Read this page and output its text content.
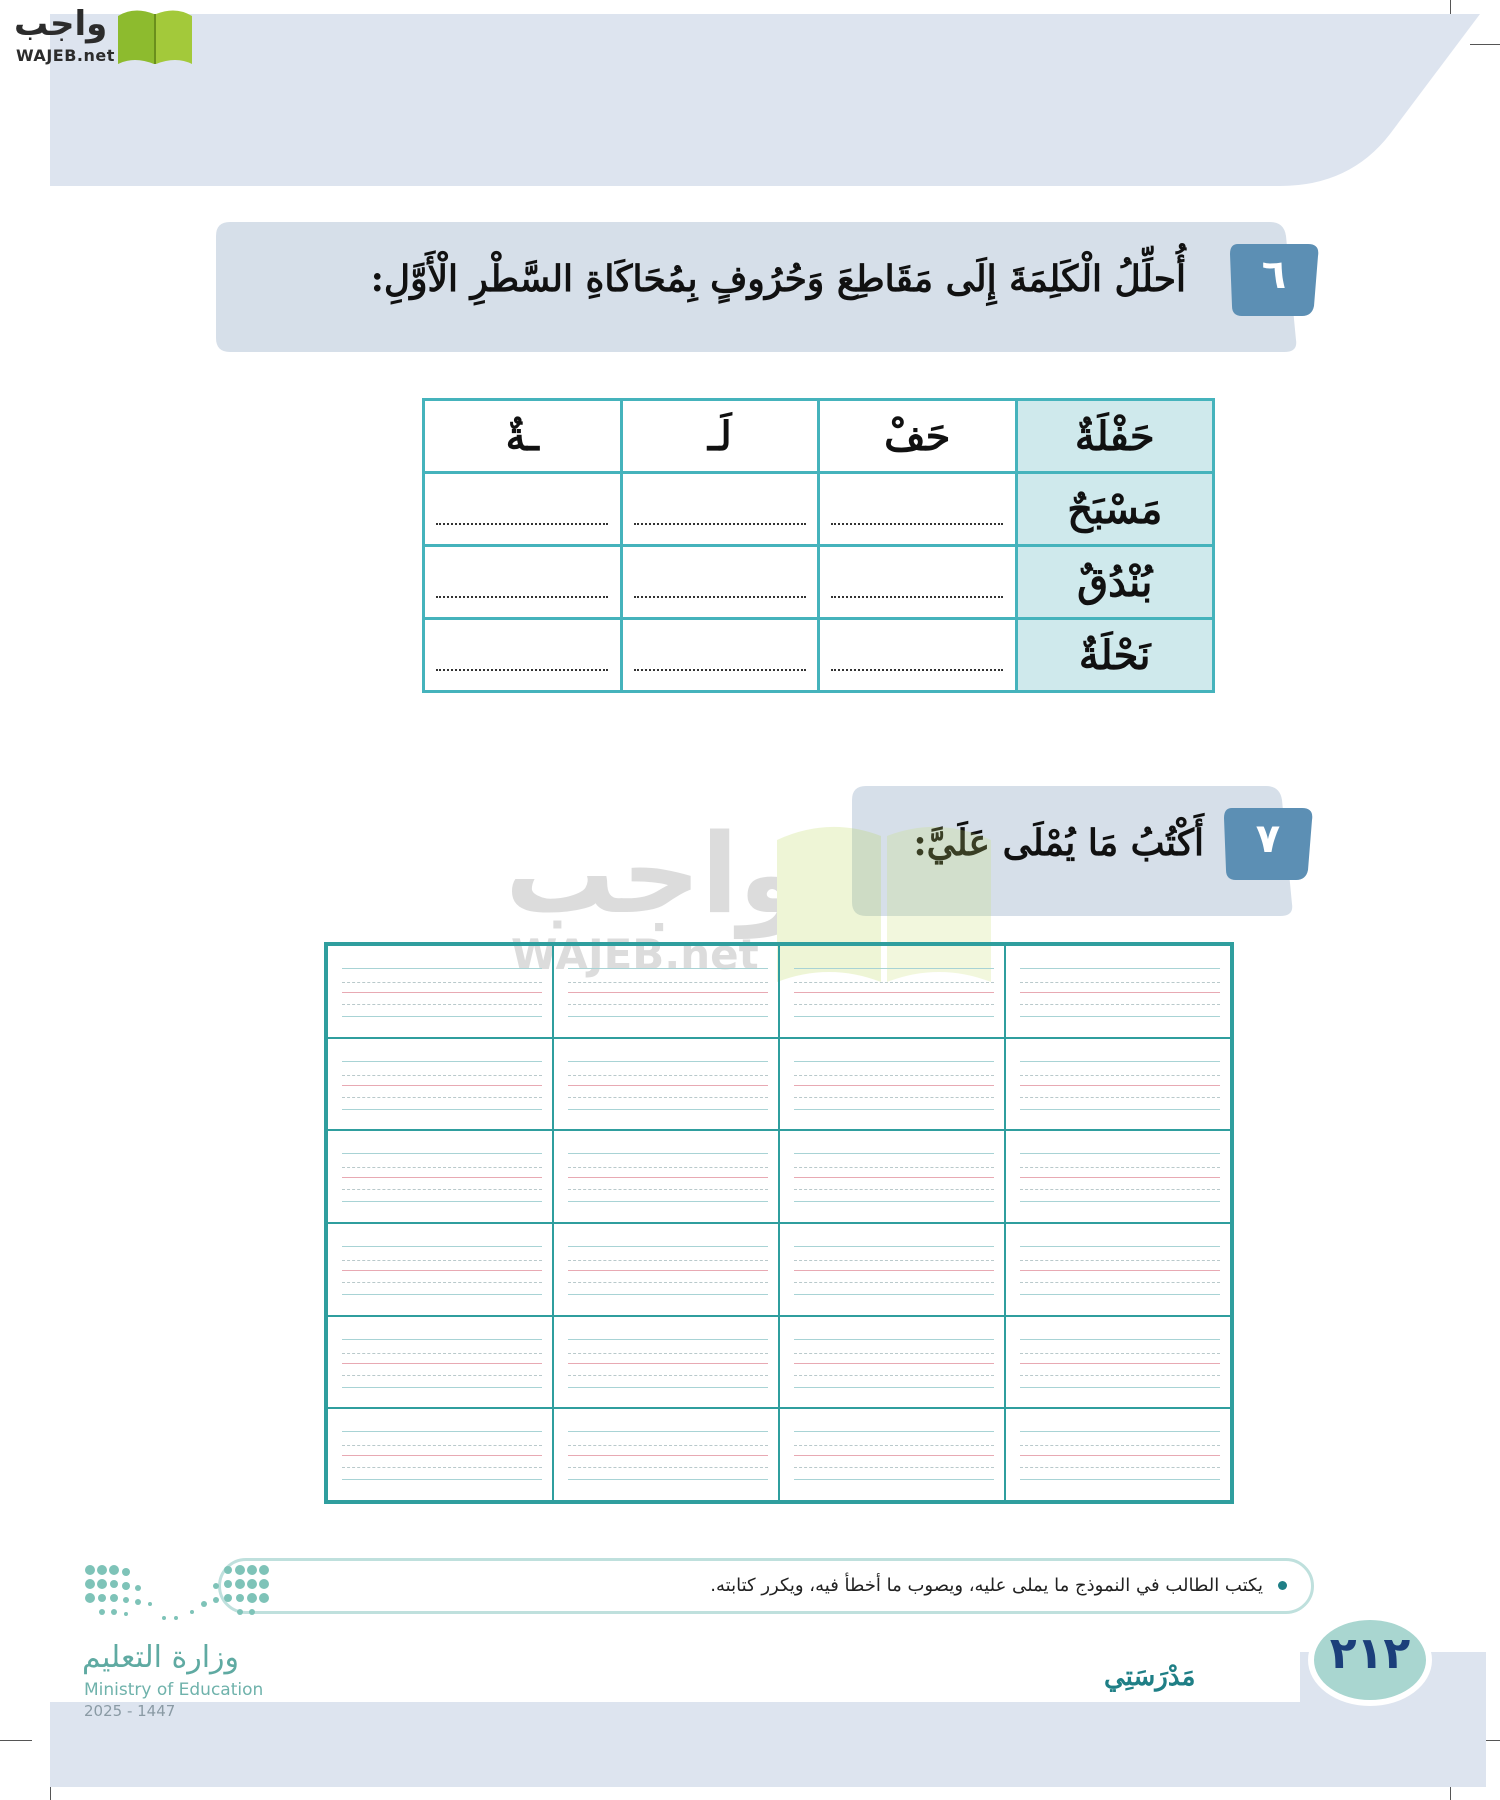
واجب
WAJEB.net
٦
أُحلِّلُ الْكَلِمَةَ إِلَى مَقَاطِعَ وَحُرُوفٍ بِمُحَاكَاةِ السَّطْرِ الْأَوَّلِ:
حَفْلَةٌ	حَفْ	لَـ	ـةٌ
مَسْبَحٌ	

بُنْدُقٌ	

نَحْلَةٌ	

٧
أَكْتُبُ مَا يُمْلَى عَلَيَّ:
واجب
WAJEB.net
يكتب الطالب في النموذج ما يملى عليه، ويصوب ما أخطأ فيه، ويكرر كتابته.
وزارة التعليم
Ministry of Education
2025 - 1447
مَدْرَسَتِي	٢١٢
